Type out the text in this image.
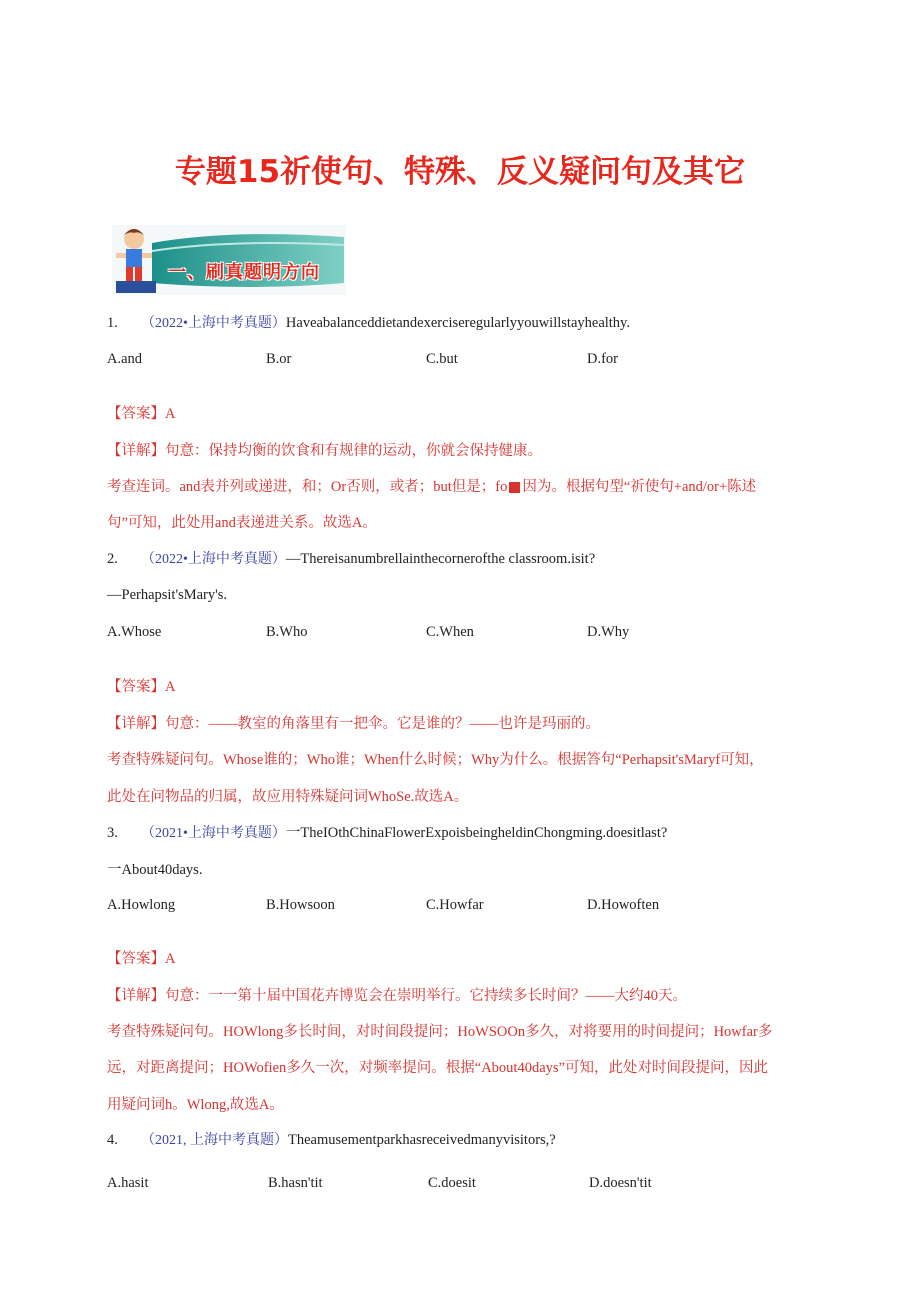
专题15祈使句、特殊、反义疑问句及其它
一、刷真题明方向
1. （2022•上海中考真题）Haveabalanceddietandexerciseregularlyyouwillstayhealthy.
A.and	B.or	C.but	D.for
【答案】A
【详解】句意：保持均衡的饮食和有规律的运动，你就会保持健康。
考查连词。and表并列或递进，和；Or否则，或者；but但是；fo 因为。根据句型“祈使句+and/or+陈述
句”可知，此处用and表递进关系。故选A。
2. （2022•上海中考真题）—Thereisanumbrellainthecornerofthe classroom.isit?
—Perhapsit'sMary's.
A.Whose	B.Who	C.When	D.Why
【答案】A
【详解】句意：——教室的角落里有一把伞。它是谁的？——也许是玛丽的。
考查特殊疑问句。Whose谁的；Who谁；When什么时候；Why为什么。根据答句“Perhapsit'sMaryf可知，
此处在问物品的归属，故应用特殊疑问词WhoSe.故选A。
3. （2021•上海中考真题）一TheIOthChinaFlowerExpoisbeingheldinChongming.doesitlast?
一About40days.
A.Howlong	B.Howsoon	C.Howfar	D.Howoften
【答案】A
【详解】句意：一一第十届中国花卉博览会在崇明举行。它持续多长时间？——大约40天。
考查特殊疑问句。HOWlong多长时间，对时间段提问；HoWSOOn多久，对将要用的时间提问；Howfar多
远，对距离提问；HOWofien多久一次，对频率提问。根据“About40days”可知，此处对时间段提问，因此
用疑问词h。Wlong,故选A。
4. （2021, 上海中考真题）Theamusementparkhasreceivedmanyvisitors,?
A.hasit	B.hasn'tit	C.doesit	D.doesn'tit
